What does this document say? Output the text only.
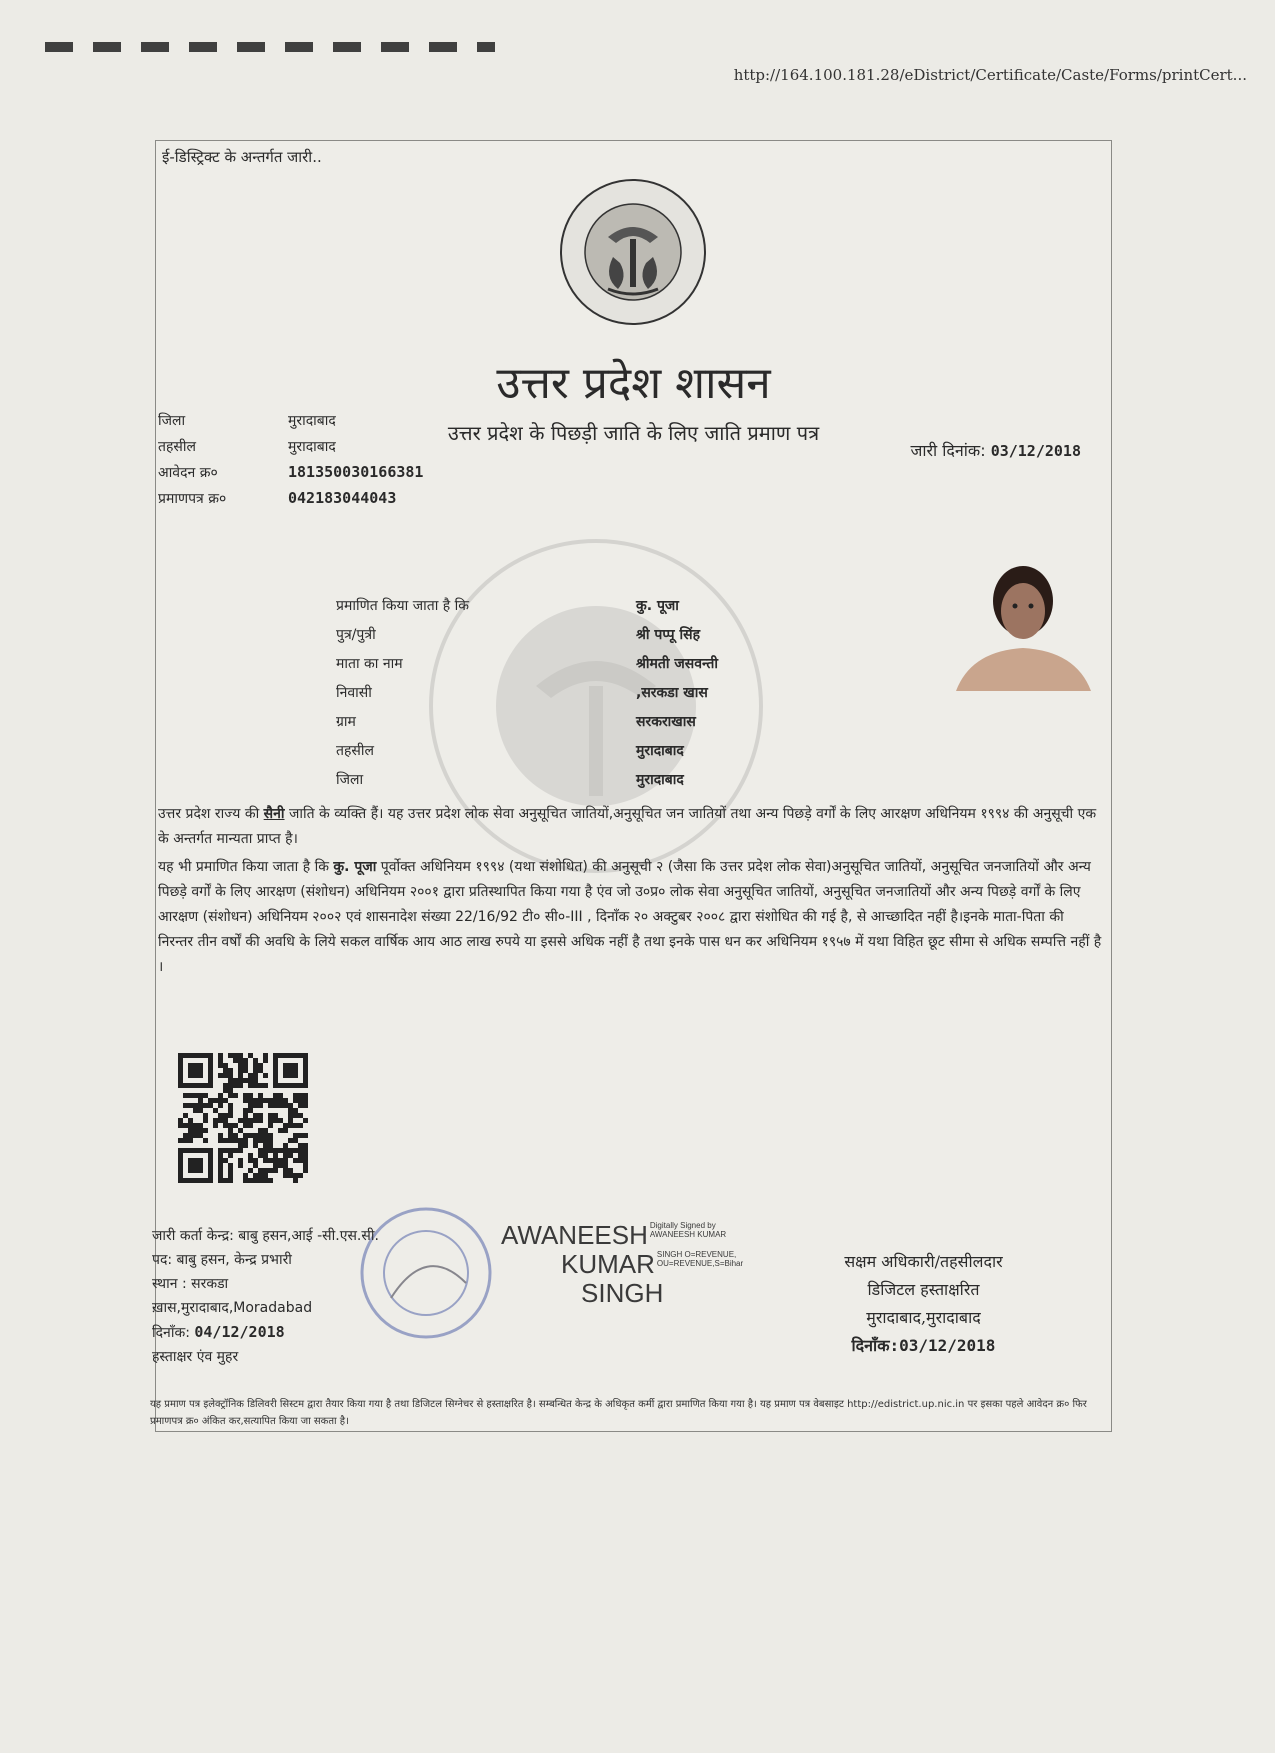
http://164.100.181.28/eDistrict/Certificate/Caste/Forms/printCert...
ई-डिस्ट्रिक्ट के अन्तर्गत जारी..
उत्तर प्रदेश शासन
उत्तर प्रदेश के पिछड़ी जाति के लिए जाति प्रमाण पत्र
जिला	मुरादाबाद
तहसील	मुरादाबाद
आवेदन क्र०	181350030166381
प्रमाणपत्र क्र०	042183044043
जारी दिनांक: 03/12/2018
प्रमाणित किया जाता है कि	कु. पूजा
पुत्र/पुत्री	श्री पप्पू सिंह
माता का नाम	श्रीमती जसवन्ती
निवासी	,सरकडा खास
ग्राम	सरकराखास
तहसील	मुरादाबाद
जिला	मुरादाबाद
उत्तर प्रदेश राज्य की सैनी जाति के व्यक्ति हैं। यह उत्तर प्रदेश लोक सेवा अनुसूचित जातियों,अनुसूचित जन जातियों तथा अन्य पिछड़े वर्गों के लिए आरक्षण अधिनियम १९९४ की अनुसूची एक के अन्तर्गत मान्यता प्राप्त है।
यह भी प्रमाणित किया जाता है कि कु. पूजा पूर्वोक्त अधिनियम १९९४ (यथा संशोधित) की अनुसूची २ (जैसा कि उत्तर प्रदेश लोक सेवा)अनुसूचित जातियों, अनुसूचित जनजातियों और अन्य पिछड़े वर्गों के लिए आरक्षण (संशोधन) अधिनियम २००१ द्वारा प्रतिस्थापित किया गया है एंव जो उ०प्र० लोक सेवा अनुसूचित जातियों, अनुसूचित जनजातियों और अन्य पिछड़े वर्गों के लिए आरक्षण (संशोधन) अधिनियम २००२ एवं शासनादेश संख्या 22/16/92 टी० सी०-III , दिनाँक २० अक्टुबर २००८ द्वारा संशोधित की गई है, से आच्छादित नहीं है।इनके माता-पिता की निरन्तर तीन वर्षों की अवधि के लिये सकल वार्षिक आय आठ लाख रुपये या इससे अधिक नहीं है तथा इनके पास धन कर अधिनियम १९५७ में यथा विहित छूट सीमा से अधिक सम्पत्ति नहीं है
।
जारी कर्ता केन्द्र: बाबु हसन,आई -सी.एस.सी.
पद: बाबु हसन, केन्द्र प्रभारी
स्थान : सरकडा
ख़ास,मुरादाबाद,Moradabad
दिनाँक: 04/12/2018
हस्ताक्षर एंव मुहर
AWANEESH Digitally Signed by
AWANEESH KUMAR
KUMAR SINGH O=REVENUE,
OU=REVENUE,S=Bihar
SINGH
सक्षम अधिकारी/तहसीलदार
डिजिटल हस्ताक्षरित
मुरादाबाद,मुरादाबाद
दिनाँक:03/12/2018
यह प्रमाण पत्र इलेक्ट्रॉनिक डिलिवरी सिस्टम द्वारा तैयार किया गया है तथा डिजिटल सिग्नेचर से हस्ताक्षरित है। सम्बन्धित केन्द्र के अधिकृत कर्मी द्वारा प्रमाणित किया गया है। यह प्रमाण पत्र वेबसाइट http://edistrict.up.nic.in पर इसका पहले आवेदन क्र० फिर प्रमाणपत्र क्र० अंकित कर,सत्यापित किया जा सकता है।
